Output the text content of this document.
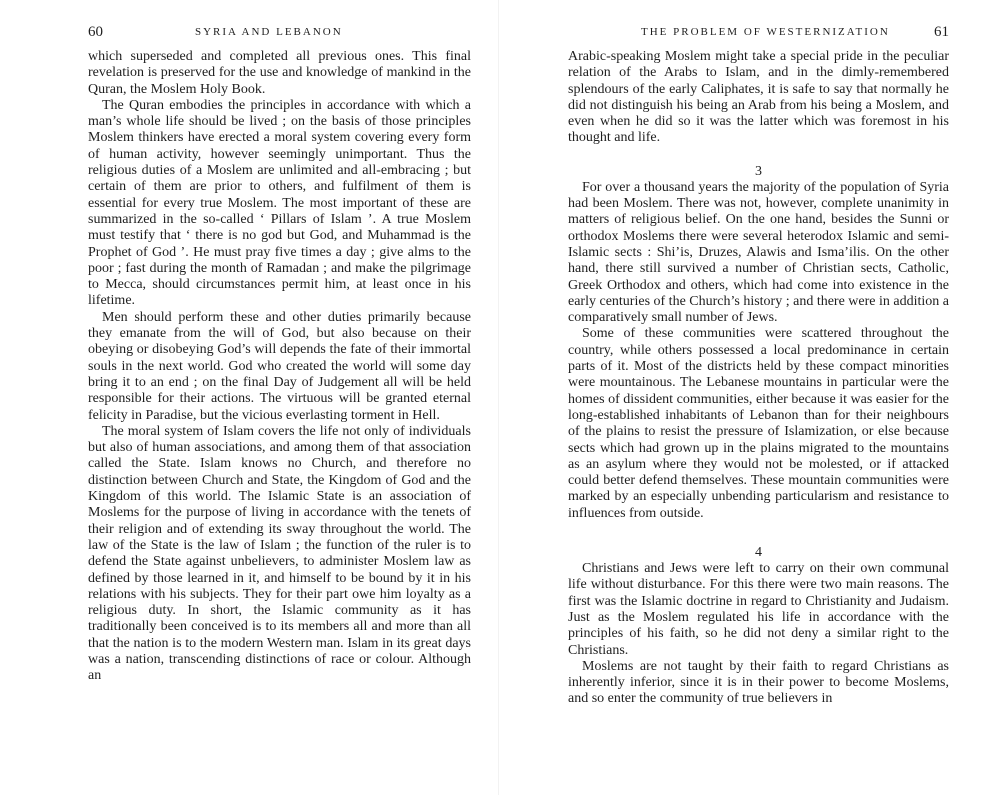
60	SYRIA AND LEBANON	THE PROBLEM OF WESTERNIZATION	61

which superseded and completed all previous ones. This final revelation is preserved for the use and knowledge of mankind in the Quran, the Moslem Holy Book.

The Quran embodies the principles in accordance with which a man’s whole life should be lived ; on the basis of those principles Moslem thinkers have erected a moral system covering every form of human activity, however seemingly unimportant. Thus the religious duties of a Moslem are unlimited and all-embracing ; but certain of them are prior to others, and fulfilment of them is essential for every true Moslem. The most important of these are summarized in the so-called ‘ Pillars of Islam ’. A true Moslem must testify that ‘ there is no god but God, and Muhammad is the Prophet of God ’. He must pray five times a day ; give alms to the poor ; fast during the month of Ramadan ; and make the pilgrimage to Mecca, should circumstances permit him, at least once in his lifetime.

Men should perform these and other duties primarily because they emanate from the will of God, but also because on their obeying or disobeying God’s will depends the fate of their immortal souls in the next world. God who created the world will some day bring it to an end ; on the final Day of Judgement all will be held responsible for their actions. The virtuous will be granted eternal felicity in Paradise, but the vicious everlasting torment in Hell.

The moral system of Islam covers the life not only of individuals but also of human associations, and among them of that association called the State. Islam knows no Church, and therefore no distinction between Church and State, the Kingdom of God and the Kingdom of this world. The Islamic State is an association of Moslems for the purpose of living in accordance with the tenets of their religion and of extending its sway throughout the world. The law of the State is the law of Islam ; the function of the ruler is to defend the State against unbelievers, to administer Moslem law as defined by those learned in it, and himself to be bound by it in his relations with his subjects. They for their part owe him loyalty as a religious duty. In short, the Islamic community as it has traditionally been conceived is to its members all and more than all that the nation is to the modern Western man. Islam in its great days was a nation, transcending distinctions of race or colour. Although an

Arabic-speaking Moslem might take a special pride in the peculiar relation of the Arabs to Islam, and in the dimly-remembered splendours of the early Caliphates, it is safe to say that normally he did not distinguish his being an Arab from his being a Moslem, and even when he did so it was the latter which was foremost in his thought and life.

3

For over a thousand years the majority of the population of Syria had been Moslem. There was not, however, complete unanimity in matters of religious belief. On the one hand, besides the Sunni or orthodox Moslems there were several heterodox Islamic and semi-Islamic sects : Shi’is, Druzes, Alawis and Isma’ilis. On the other hand, there still survived a number of Christian sects, Catholic, Greek Orthodox and others, which had come into existence in the early centuries of the Church’s history ; and there were in addition a comparatively small number of Jews.

Some of these communities were scattered throughout the country, while others possessed a local predominance in certain parts of it. Most of the districts held by these compact minorities were mountainous. The Lebanese mountains in particular were the homes of dissident communities, either because it was easier for the long-established inhabitants of Lebanon than for their neighbours of the plains to resist the pressure of Islamization, or else because sects which had grown up in the plains migrated to the mountains as an asylum where they would not be molested, or if attacked could better defend themselves. These mountain communities were marked by an especially unbending particularism and resistance to influences from outside.

4

Christians and Jews were left to carry on their own communal life without disturbance. For this there were two main reasons. The first was the Islamic doctrine in regard to Christianity and Judaism. Just as the Moslem regulated his life in accordance with the principles of his faith, so he did not deny a similar right to the Christians.

Moslems are not taught by their faith to regard Christians as inherently inferior, since it is in their power to become Moslems, and so enter the community of true believers in
